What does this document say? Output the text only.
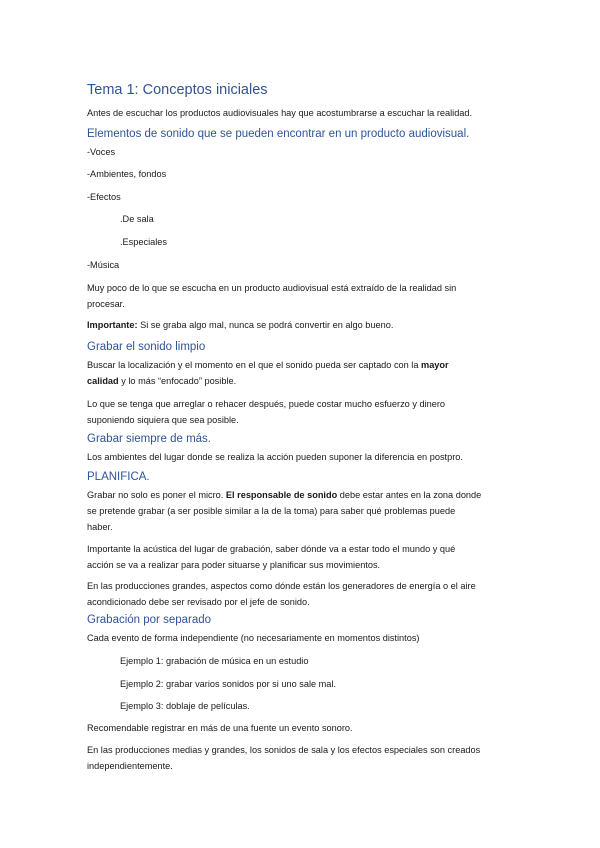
Tema 1: Conceptos iniciales

Antes de escuchar los productos audiovisuales hay que acostumbrarse a escuchar la realidad.

Elementos de sonido que se pueden encontrar en un producto audiovisual.

-Voces

-Ambientes, fondos

-Efectos

.De sala

.Especiales

-Música

Muy poco de lo que se escucha en un producto audiovisual está extraído de la realidad sin

procesar.

Importante: Si se graba algo mal, nunca se podrá convertir en algo bueno.

Grabar el sonido limpio

Buscar la localización y el momento en el que el sonido pueda ser captado con la mayor

calidad y lo más “enfocado” posible.

Lo que se tenga que arreglar o rehacer después, puede costar mucho esfuerzo y dinero

suponiendo siquiera que sea posible.

Grabar siempre de más.

Los ambientes del lugar donde se realiza la acción pueden suponer la diferencia en postpro.

PLANIFICA.

Grabar no solo es poner el micro. El responsable de sonido debe estar antes en la zona donde

se pretende grabar (a ser posible similar a la de la toma) para saber qué problemas puede

haber.

Importante la acústica del lugar de grabación, saber dónde va a estar todo el mundo y qué

acción se va a realizar para poder situarse y planificar sus movimientos.

En las producciones grandes, aspectos como dónde están los generadores de energía o el aire

acondicionado debe ser revisado por el jefe de sonido.

Grabación por separado

Cada evento de forma independiente (no necesariamente en momentos distintos)

Ejemplo 1: grabación de música en un estudio

Ejemplo 2: grabar varios sonidos por si uno sale mal.

Ejemplo 3: doblaje de películas.

Recomendable registrar en más de una fuente un evento sonoro.

En las producciones medias y grandes, los sonidos de sala y los efectos especiales son creados

independientemente.
